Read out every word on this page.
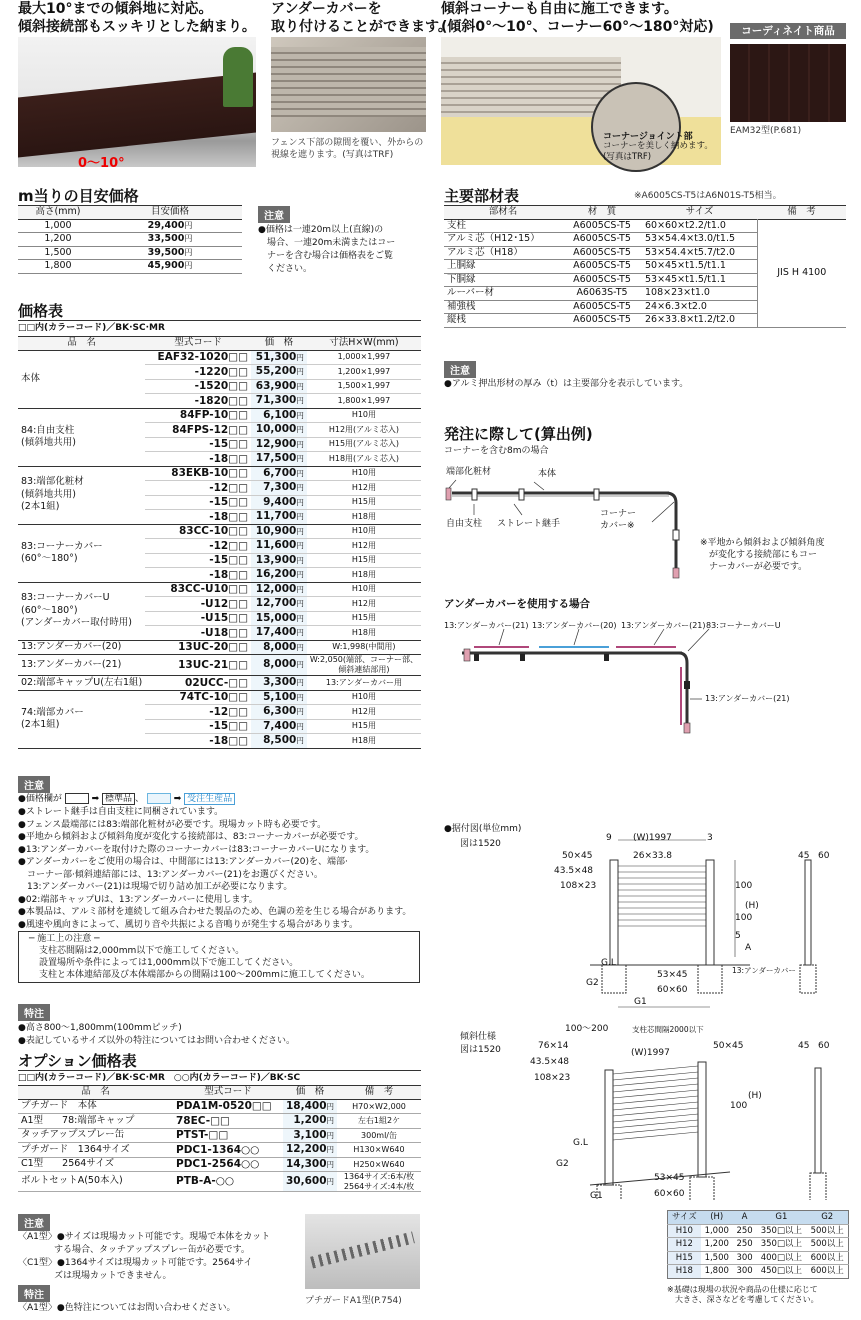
最大10°までの傾斜地に対応。
傾斜接続部もスッキリとした納まり。
0〜10°
アンダーカバーを
取り付けることができます。
フェンス下部の隙間を覆い、外からの
視線を遮ります。(写真はTRF)
傾斜コーナーも自由に施工できます。
(傾斜0°〜10°、コーナー60°〜180°対応)
コーナージョイント部
コーナーを美しく納めます。
(写真はTRF)
コーディネイト商品
EAM32型(P.681)
m当りの目安価格
高さ(mm)	目安価格
1,000	29,400円
1,200	33,500円
1,500	39,500円
1,800	45,900円
注意
●価格は一連20m以上(直線)の
　場合、一連20m未満またはコー
　ナーを含む場合は価格表をご覧
　ください。
価格表
□□内(カラーコード)／BK·SC·MR
品　名	型式コード	価　格	寸法H×W(mm)
本体	EAF32-1020□□	51,300円	1,000×1,997
	-1220□□	55,200円	1,200×1,997
	-1520□□	63,900円	1,500×1,997
	-1820□□	71,300円	1,800×1,997
84:自由支柱
(傾斜地共用)	84FP-10□□	6,100円	H10用
	84FPS-12□□	10,000円	H12用(アルミ芯入)
	-15□□	12,900円	H15用(アルミ芯入)
	-18□□	17,500円	H18用(アルミ芯入)
83:端部化粧材
(傾斜地共用)
(2本1組)	83EKB-10□□	6,700円	H10用
	-12□□	7,300円	H12用
	-15□□	9,400円	H15用
	-18□□	11,700円	H18用
83:コーナーカバー
(60°〜180°)	83CC-10□□	10,900円	H10用
	-12□□	11,600円	H12用
	-15□□	13,900円	H15用
	-18□□	16,200円	H18用
83:コーナーカバーU
(60°〜180°)
(アンダーカバー取付時用)	83CC-U10□□	12,000円	H10用
	-U12□□	12,700円	H12用
	-U15□□	15,000円	H15用
	-U18□□	17,400円	H18用
13:アンダーカバー(20)	13UC-20□□	8,000円	W:1,998(中間用)
13:アンダーカバー(21)	13UC-21□□	8,000円	W:2,050(端部、コーナー部、
傾斜連結部用)
02:端部キャップU(左右1組)	02UCC-□□	3,300円	13:アンダーカバー用
74:端部カバー
(2本1組)	74TC-10□□	5,100円	H10用
	-12□□	6,300円	H12用
	-15□□	7,400円	H15用
	-18□□	8,500円	H18用
注意
●価格欄が	➡ 標準品 、	➡ 受注生産品
●ストレート継手は自由支柱に同梱されています。
●フェンス最端部には83:端部化粧材が必要です。現場カット時も必要です。
●平地から傾斜および傾斜角度が変化する接続部は、83:コーナーカバーが必要です。
●13:アンダーカバーを取付けた際のコーナーカバーは83:コーナーカバーUになります。
●アンダーカバーをご使用の場合は、中間部には13:アンダーカバー(20)を、端部·
　コーナー部·傾斜連結部には、13:アンダーカバー(21)をお選びください。
　13:アンダーカバー(21)は現場で切り詰め加工が必要になります。
●02:端部キャップUは、13:アンダーカバーに使用します。
●本製品は、アルミ部材を連続して組み合わせた製品のため、色調の差を生じる場合があります。
●風速や風向きによって、風切り音や共振による音鳴りが発生する場合があります。
─ 施工上の注意 ─
支柱芯間隔は2,000mm以下で施工してください。
設置場所や条件によっては1,000mm以下で施工してください。
支柱と本体連結部及び本体端部からの間隔は100〜200mmに施工してください。
特注
●高さ800〜1,800mm(100mmピッチ)
●表記しているサイズ以外の特注についてはお問い合わせください。
オプション価格表
□□内(カラーコード)／BK·SC·MR　○○内(カラーコード)／BK·SC
品　名	型式コード	価　格	備　考
プチガード　本体	PDA1M-0520□□	18,400円	H70×W2,000
A1型　　78:端部キャップ	78EC-□□	1,200円	左右1組2ケ
タッチアップスプレー缶	PTST-□□	3,100円	300ml/缶
プチガード　1364サイズ	PDC1-1364○○	12,200円	H130×W640
C1型　　2564サイズ	PDC1-2564○○	14,300円	H250×W640
ボルトセットA(50本入)	PTB-A-○○	30,600円	1364サイズ:6本/枚
2564サイズ:4本/枚
注意
〈A1型〉●サイズは現場カット可能です。現場で本体をカット
　　　　する場合、タッチアップスプレー缶が必要です。
〈C1型〉●1364サイズは現場カット可能です。2564サイ
　　　　ズは現場カットできません。
特注
〈A1型〉●色特注についてはお問い合わせください。
プチガードA1型(P.754)
主要部材表	※A6005CS-T5はA6N01S-T5相当。
部材名	材　質	サイズ	備　考
支柱	A6005CS-T5	60×60×t2.2/t1.0	JIS H 4100
アルミ芯（H12･15）	A6005CS-T5	53×54.4×t3.0/t1.5	
アルミ芯（H18）	A6005CS-T5	53×54.4×t5.7/t2.0	
上胴縁	A6005CS-T5	50×45×t1.5/t1.1	
下胴縁	A6005CS-T5	53×45×t1.5/t1.1	
ルーバー材	A6063S-T5	108×23×t1.0	
補強桟	A6005CS-T5	24×6.3×t2.0	
縦桟	A6005CS-T5	26×33.8×t1.2/t2.0	
注意
●アルミ押出形材の厚み（t）は主要部分を表示しています。
発注に際して(算出例)
コーナーを含む8mの場合
端部化粧材	本体
自由支柱 ストレート継手
コーナー
カバー※
※平地から傾斜および傾斜角度
　が変化する接続部にもコー
　ナーカバーが必要です。
アンダーカバーを使用する場合
13:アンダーカバー(21) 13:アンダーカバー(20) 13:アンダーカバー(21) 83:コーナーカバーU
13:アンダーカバー(21)
●据付図(単位mm)
図は1520
(W)1997
9	3
50×45	26×33.8
43.5×48
108×23	100
(H)
100
5
A
G.L
G2
53×45
60×60
13:アンダーカバー
G1
100〜200	支柱芯間隔2000以下
45 60
傾斜仕様
図は1520	76×14
43.5×48
108×23
(W)1997
50×45
100
(H)
G.L
G2
53×45
60×60
G1
45 60
サイズ	(H)	A	G1	G2
H10	1,000	250	350□以上	500以上
H12	1,200	250	350□以上	500以上
H15	1,500	300	400□以上	600以上
H18	1,800	300	450□以上	600以上
※基礎は現場の状況や商品の仕様に応じて
　大きさ、深さなどを考慮してください。
